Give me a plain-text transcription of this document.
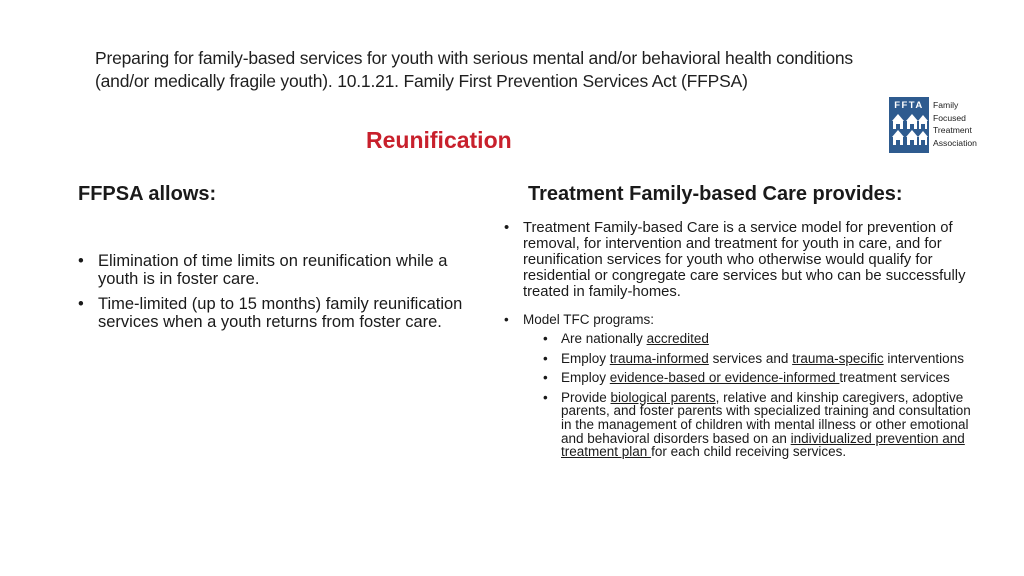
Preparing for family-based services for youth with serious mental and/or behavioral health conditions
(and/or medically fragile youth). 10.1.21. Family First Prevention Services Act (FFPSA)
FFTA Family
Focused
Treatment
Association
Reunification
FFPSA allows:	Treatment Family-based Care provides:
• Elimination of time limits on reunification while a youth is in foster care.
• Time-limited (up to 15 months) family reunification services when a youth returns from foster care.
• Treatment Family-based Care is a service model for prevention of removal, for intervention and treatment for youth in care, and for reunification services for youth who otherwise would qualify for residential or congregate care services but who can be successfully treated in family-homes.
• Model TFC programs:
• Are nationally accredited
• Employ trauma-informed services and trauma-specific interventions
• Employ evidence-based or evidence-informed treatment services
• Provide biological parents, relative and kinship caregivers, adoptive parents, and foster parents with specialized training and consultation in the management of children with mental illness or other emotional and behavioral disorders based on an individualized prevention and treatment plan for each child receiving services.
